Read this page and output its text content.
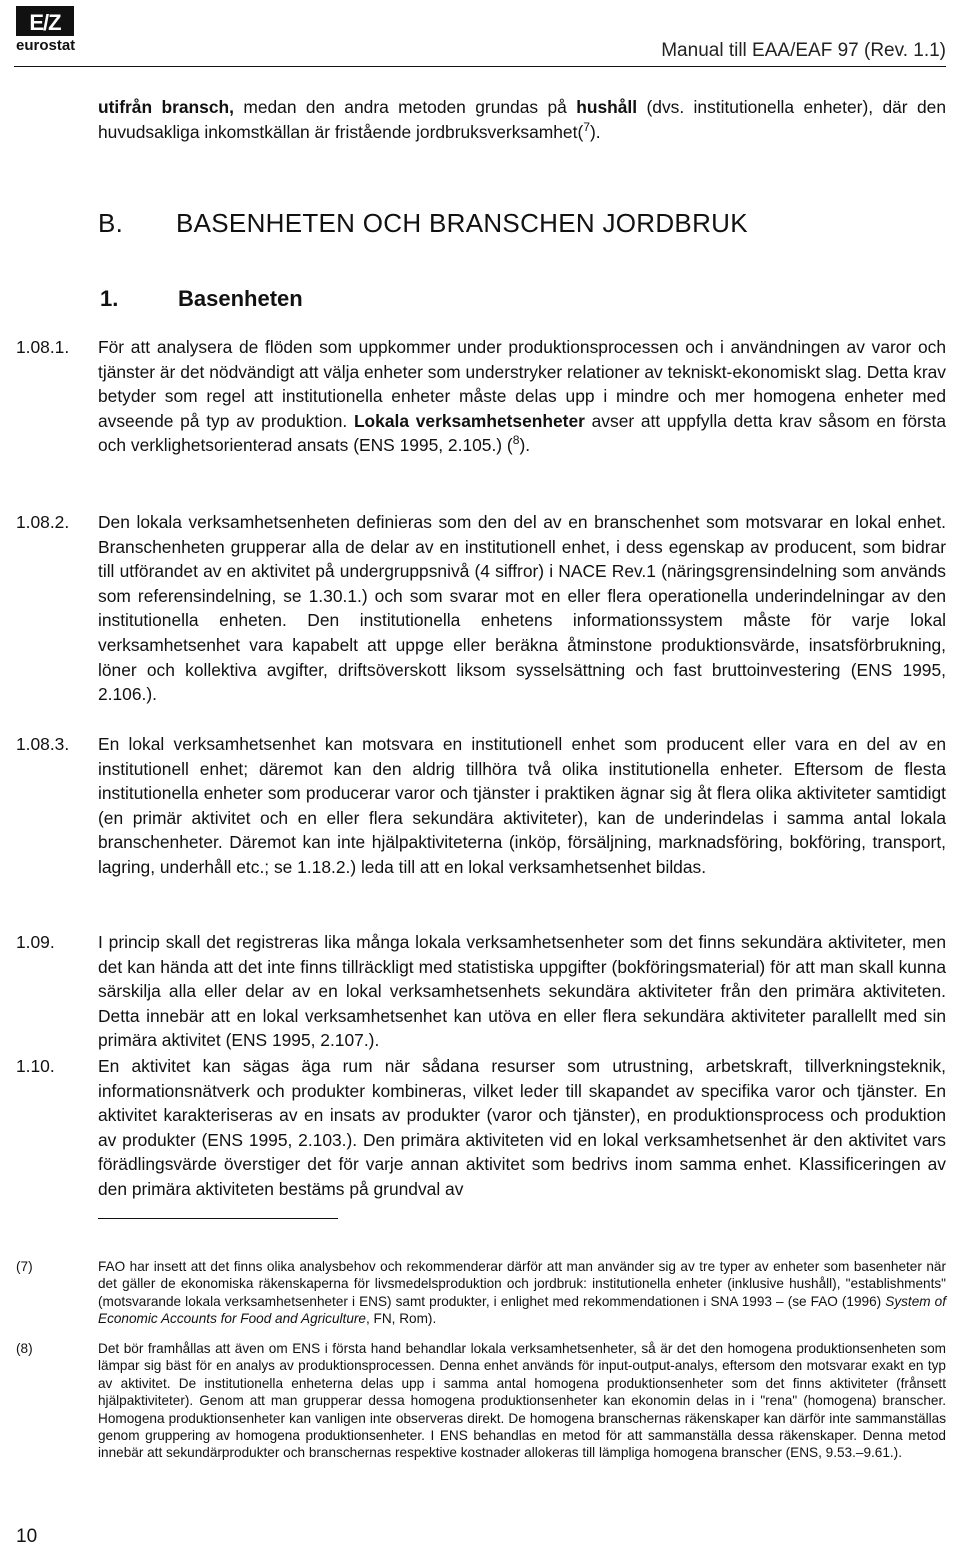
E/Z
eurostat	Manual till EAA/EAF 97 (Rev. 1.1)
utifrån bransch, medan den andra metoden grundas på hushåll (dvs. institutionella enheter), där den huvudsakliga inkomstkällan är fristående jordbruksverksamhet($^7$).
B. BASENHETEN OCH BRANSCHEN JORDBRUK
1.	Basenheten
1.08.1.	För att analysera de flöden som uppkommer under produktionsprocessen och i användningen av varor och tjänster är det nödvändigt att välja enheter som understryker relationer av tekniskt-ekonomiskt slag. Detta krav betyder som regel att institutionella enheter måste delas upp i mindre och mer homogena enheter med avseende på typ av produktion. Lokala verksamhetsenheter avser att uppfylla detta krav såsom en första och verklighetsorienterad ansats (ENS 1995, 2.105.) ($^8$).
1.08.2.	Den lokala verksamhetsenheten definieras som den del av en branschenhet som motsvarar en lokal enhet. Branschenheten grupperar alla de delar av en institutionell enhet, i dess egenskap av producent, som bidrar till utförandet av en aktivitet på undergruppsnivå (4 siffror) i NACE Rev.1 (näringsgrensindelning som används som referensindelning, se 1.30.1.) och som svarar mot en eller flera operationella underindelningar av den institutionella enheten. Den institutionella enhetens informationssystem måste för varje lokal verksamhetsenhet vara kapabelt att uppge eller beräkna åtminstone produktionsvärde, insatsförbrukning, löner och kollektiva avgifter, driftsöverskott liksom sysselsättning och fast bruttoinvestering (ENS 1995, 2.106.).
1.08.3.	En lokal verksamhetsenhet kan motsvara en institutionell enhet som producent eller vara en del av en institutionell enhet; däremot kan den aldrig tillhöra två olika institutionella enheter. Eftersom de flesta institutionella enheter som producerar varor och tjänster i praktiken ägnar sig åt flera olika aktiviteter samtidigt (en primär aktivitet och en eller flera sekundära aktiviteter), kan de underindelas i samma antal lokala branschenheter. Däremot kan inte hjälpaktiviteterna (inköp, försäljning, marknadsföring, bokföring, transport, lagring, underhåll etc.; se 1.18.2.) leda till att en lokal verksamhetsenhet bildas.
1.09.	I princip skall det registreras lika många lokala verksamhetsenheter som det finns sekundära aktiviteter, men det kan hända att det inte finns tillräckligt med statistiska uppgifter (bokföringsmaterial) för att man skall kunna särskilja alla eller delar av en lokal verksamhetsenhets sekundära aktiviteter från den primära aktiviteten. Detta innebär att en lokal verksamhetsenhet kan utöva en eller flera sekundära aktiviteter parallellt med sin primära aktivitet (ENS 1995, 2.107.).
1.10.	En aktivitet kan sägas äga rum när sådana resurser som utrustning, arbetskraft, tillverkningsteknik, informationsnätverk och produkter kombineras, vilket leder till skapandet av specifika varor och tjänster. En aktivitet karakteriseras av en insats av produkter (varor och tjänster), en produktionsprocess och produktion av produkter (ENS 1995, 2.103.). Den primära aktiviteten vid en lokal verksamhetsenhet är den aktivitet vars förädlingsvärde överstiger det för varje annan aktivitet som bedrivs inom samma enhet. Klassificeringen av den primära aktiviteten bestäms på grundval av
(7)	FAO har insett att det finns olika analysbehov och rekommenderar därför att man använder sig av tre typer av enheter som basenheter när det gäller de ekonomiska räkenskaperna för livsmedelsproduktion och jordbruk: institutionella enheter (inklusive hushåll), "establishments" (motsvarande lokala verksamhetsenheter i ENS) samt produkter, i enlighet med rekommendationen i SNA 1993 – (se FAO (1996) System of Economic Accounts for Food and Agriculture, FN, Rom).
(8)	Det bör framhållas att även om ENS i första hand behandlar lokala verksamhetsenheter, så är det den homogena produktionsenheten som lämpar sig bäst för en analys av produktionsprocessen. Denna enhet används för input-output-analys, eftersom den motsvarar exakt en typ av aktivitet. De institutionella enheterna delas upp i samma antal homogena produktionsenheter som det finns aktiviteter (frånsett hjälpaktiviteter). Genom att man grupperar dessa homogena produktionsenheter kan ekonomin delas in i "rena" (homogena) branscher. Homogena produktionsenheter kan vanligen inte observeras direkt. De homogena branschernas räkenskaper kan därför inte sammanställas genom gruppering av homogena produktionsenheter. I ENS behandlas en metod för att sammanställa dessa räkenskaper. Denna metod innebär att sekundärprodukter och branschernas respektive kostnader allokeras till lämpliga homogena branscher (ENS, 9.53.–9.61.).
10
